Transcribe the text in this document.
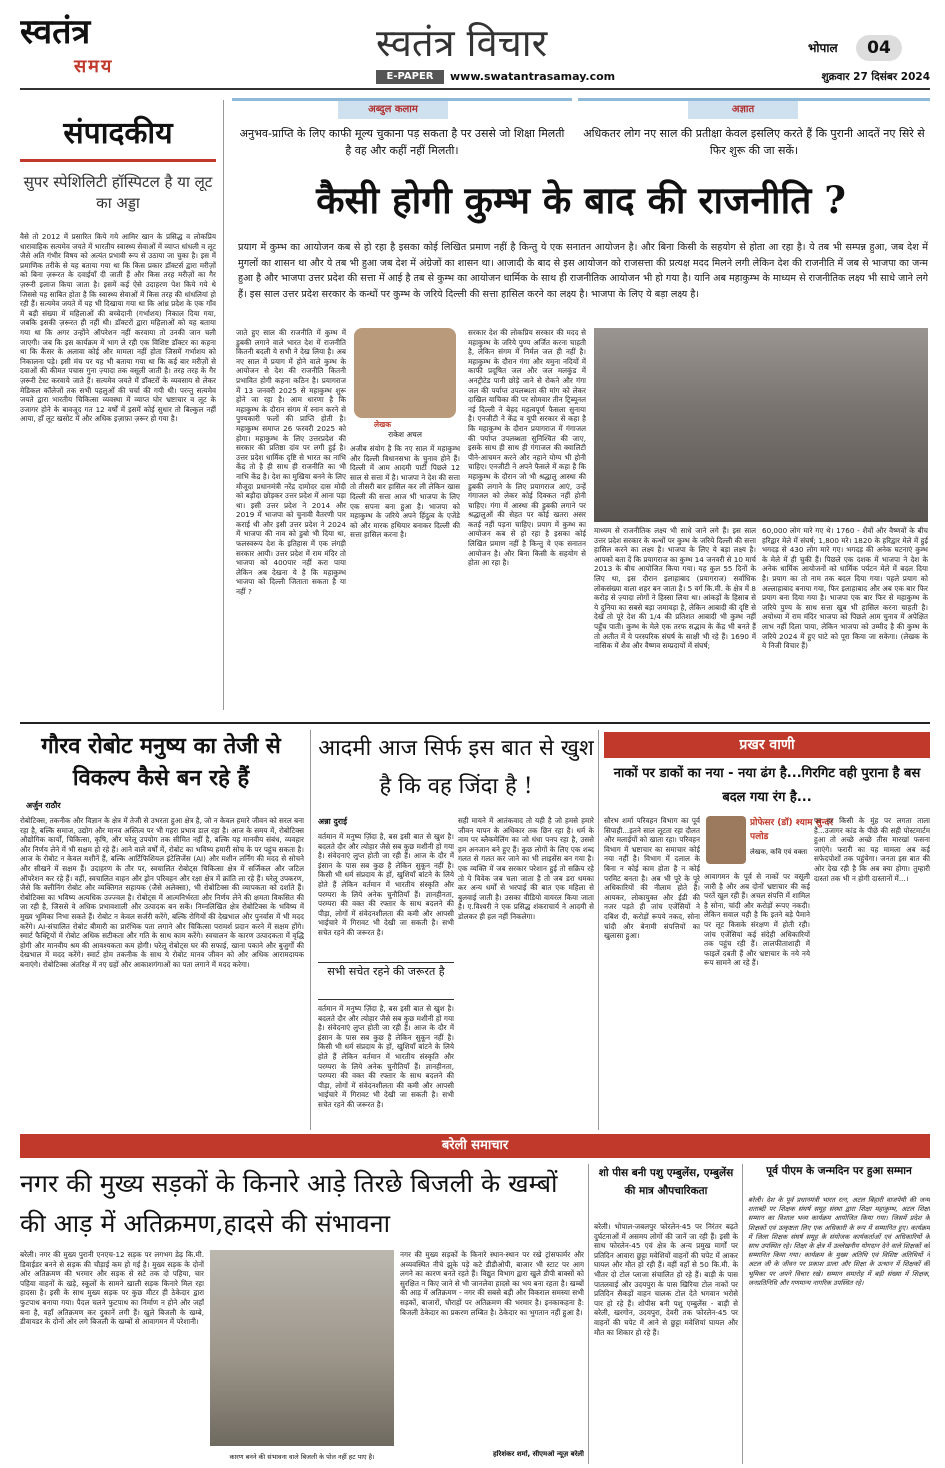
स्वतंत्र
समय
स्वतंत्र विचार
E-PAPER	www.swatantrasamay.com
भोपाल	04
शुक्रवार 27 दिसंबर 2024
संपादकीय
सुपर स्पेशिलिटी हॉस्पिटल है या लूट का अड्डा
वैसे तो 2012 में प्रसारित किये गये आमिर खान के प्रसिद्ध व लोकप्रिय धारावाहिक सत्यमेव जयते में भारतीय स्वास्थ्य सेवाओं में व्याप्त धांधली व लूट जैसे अति गंभीर विषय को अत्यंत प्रभावी रूप से उठाया जा चुका है। इस में प्रमाणिक तरीके से यह बताया गया था कि किस प्रकार डॉक्टर्स द्वारा मरीज़ों को बिना ज़रूरत के दवाईयाँ दी जाती हैं और किस तरह मरीज़ों का गैर ज़रूरी इलाज किया जाता है। इसमें कई ऐसे उदाहरण पेश किये गये थे जिससे यह साबित होता है कि स्वास्थ्य सेवाओं में किस तरह की धांधलियां हो रही हैं। सत्यमेव जयते में यह भी दिखाया गया था कि आंध्र प्रदेश के एक गाँव में बड़ी संख्या में महिलाओं की बच्चेदानी (गर्भाशय) निकाल दिया गया, जबकि इसकी ज़रूरत ही नहीं थी। डॉक्टरों द्वारा महिलाओं को यह बताया गया था कि अगर उन्होंने ऑपरेशन नहीं करवाया तो उनकी जान चली जाएगी। जब कि इस कार्यक्रम में भाग ले रही एक विशिष्ट डॉक्टर का कहना था कि कैंसर के अलावा कोई और मामला नहीं होता जिसमें गर्भाशय को निकालना पड़े। इसी मंच पर यह भी बताया गया था कि कई बार मरीज़ों से दवाओं की कीमत पचास गुना ज़्यादा तक वसूली जाती है। तरह तरह के गैर ज़रूरी टेस्ट करवाये जाते हैं। सत्यमेव जयते में डॉक्टरों के व्यवसाय से लेकर मेडिकल कॉलेजों तक सभी पहलुओं की चर्चा की गयी थी। परन्तु सत्यमेव जयते द्वारा भारतीय चिकित्सा व्यवस्था में व्याप्त घोर भ्रष्टाचार व लूट के उजागर होने के बावजूद गत 12 वर्षों में इसमें कोई सुधार तो बिल्कुल नहीं आया, हाँ लूट खसोट में और अधिक इज़ाफ़ा ज़रूर हो गया है।
अब्दुल कलाम
अनुभव-प्राप्ति के लिए काफी मूल्य चुकाना पड़ सकता है पर उससे जो शिक्षा मिलती है वह और कहीं नहीं मिलती।
अज्ञात
अधिकतर लोग नए साल की प्रतीक्षा केवल इसलिए करते हैं कि पुरानी आदतें नए सिरे से फिर शुरू की जा सकें।
कैसी होगी कुम्भ के बाद की राजनीति ?
प्रयाग में कुम्भ का आयोजन कब से हो रहा है इसका कोई लिखित प्रमाण नहीं है किन्तु ये एक सनातन आयोजन है। और बिना किसी के सहयोग से होता आ रहा है। ये तब भी सम्पन्न हुआ, जब देश में मुगलों का शासन था और ये तब भी हुआ जब देश में अंग्रेजों का शासन था। आजादी के बाद से इस आयोजन को राजसत्ता की प्रत्यक्ष मदद मिलने लगी लेकिन देश की राजनीति में जब से भाजपा का जन्म हुआ है और भाजपा उत्तर प्रदेश की सत्ता में आई है तब से कुम्भ का आयोजन धार्मिक के साथ ही राजनीतिक आयोजन भी हो गया है। यानि अब महाकुम्भ के माध्यम से राजनीतिक लक्ष्य भी साधे जाने लगे हैं। इस साल उत्तर प्रदेश सरकार के कन्धों पर कुम्भ के जरिये दिल्ली की सत्ता हासिल करने का लक्ष्य है। भाजपा के लिए ये बड़ा लक्ष्य है।
जाते हुए साल की राजनीति में कुम्भ में डुबकी लगाने वाले भारत देश में राजनीति कितनी बदली ये सभी ने देख लिया है। अब नए साल में प्रयाग में होने वाले कुम्भ के आयोजन से देश की राजनीति कितनी प्रभावित होगी कहना कठिन है। प्रयागराज में 13 जनवरी 2025 से महाकुम्भ शुरू होने जा रहा है। आम धारणा है कि महाकुम्भ के दौरान संगम में स्नान करने से पुण्यकारी फलों की प्राप्ति होती है। महाकुम्भ समाप्त 26 फरवरी 2025 को होगा। महाकुम्भ के लिए उत्तरप्रदेश की सरकार की प्रतिष्ठा दांव पर लगी हुई है। उत्तर प्रदेश धार्मिक दृष्टि से भारत का नाभि केंद्र तो है ही साथ ही राजनीति का भी नाभि केंद्र है। देश का मुखिया बनने के लिए मौजूदा प्रधानमंत्री नरेंद्र दामोदर दास मोदी को बड़ौदा छोड़कर उत्तर प्रदेश में आना पड़ा था। इसी उत्तर प्रदेश ने 2014 और 2019 में भाजपा को चुनावी वैतरणी पार कराई थी और इसी उत्तर प्रदेश ने 2024 में भाजपा की नाव को डुबो भी दिया था, फलस्वरूप देश के इतिहास में एक लंगड़ी सरकार आयी। उत्तर प्रदेश में राम मंदिर तो भाजपा को 400पार नहीं करा पाया लेकिन अब देखना ये है कि महाकुम्भ भाजपा को दिल्ली जिताता सकता है या नहीं ?
लेखक
राकेश अचल
अजीब संयोग है कि नए साल में महाकुम्भ और दिल्ली विधानसभा के चुनाव होने हैं। दिल्ली में आम आदमी पार्टी पिछले 12 साल से सत्ता में है। भाजपा ने देश की सत्ता तो तीसरी बार हासिल कर ली लेकिन खास दिल्ली की सत्ता आज भी भाजपा के लिए एक सपना बना हुआ है। भाजपा को महाकुम्भ के जरिये अपने हिंदुत्व के एजेंडे को और मारक हथियार बनाकर दिल्ली की सत्ता हासिल करना है।
सरकार देश की लोकप्रिय सरकार की मदद से महाकुम्भ के जरिये पुण्य अर्जित करना चाहती है, लेकिन संगम में निर्मल जल ही नहीं है। महाकुम्भ के दौरान गंगा और यमुना नदियों में काफी प्रदूषित जल और जल मलकुंड में अनट्रीटेड पानी छोड़े जाने से रोकने और गंगा जल की पर्याप्त उपलब्धता की मांग को लेकर दाखिल याचिका की पर सोमवार तीन ट्रिब्यूनल नई दिल्ली ने बेहद महत्वपूर्ण फैसला सुनाया है। एनजीटी ने केंद्र व यूपी सरकार से कहा है कि महाकुम्भ के दौरान प्रयागराज में गंगाजल की पर्याप्त उपलब्धता सुनिश्चित की जाए, इसके साथ ही साथ ही गंगाजल की क्वालिटी पीने-आचमन करने और नहाने योग्य भी होनी चाहिए। एनजीटी ने अपने फैसले में कहा है कि महाकुम्भ के दौरान जो भी श्रद्धालु आस्था की डुबकी लगाने के लिए प्रयागराज आएं, उन्हें गंगाजल को लेकर कोई दिक्कत नहीं होनी चाहिए। गंगा में आस्था की डुबकी लगाने पर श्रद्धालुओं की सेहत पर कोई खतरा असर कतई नहीं पड़ना चाहिए। प्रयाग में कुम्भ का आयोजन कब से हो रहा है इसका कोई लिखित प्रमाण नहीं है किन्तु ये एक सनातन आयोजन है। और बिना किसी के सहयोग से होता आ रहा है।
माध्यम से राजनीतिक लक्ष्य भी साधे जाने लगे हैं। इस साल उत्तर प्रदेश सरकार के कन्धों पर कुम्भ के जरिये दिल्ली की सत्ता हासिल करने का लक्ष्य है। भाजपा के लिए ये बड़ा लक्ष्य है। आपको बता दें कि प्रयागराज का कुम्भ 14 जनवरी से 10 मार्च 2013 के बीच आयोजित किया गया। यह कुल 55 दिनों के लिए था, इस दौरान इलाहाबाद (प्रयागराज) सर्वाधिक लोकसंख्या वाला शहर बन जाता है। 5 वर्ग कि.मी. के क्षेत्र में 8 करोड़ से ज़्यादा लोगों ने हिस्सा लिया था। आंकड़ों के हिसाब से ये दुनिया का सबसे बड़ा जमावड़ा है, लेकिन आबादी की दृष्टि से देखें तो पूरे देश की 1/4 की प्रतिशत आबादी भी कुम्भ नहीं पहुँच पाती। कुम्भ के मेले एक तरफ सद्भाव के केंद्र भी बनते हैं तो अतीत में ये परस्परिक संघर्ष के साक्षी भी रहे हैं। 1690 में नासिक में शैव और वैष्णव सम्प्रदायों में संघर्ष;
60,000 लोग मारे गए थे। 1760 - शैवों और वैष्णवों के बीच हरिद्वार मेले में संघर्ष; 1,800 मरे। 1820 के हरिद्वार मेले में हुई भगदड़ से 430 लोग मारे गए। भगदड़ की अनेक घटनाएं कुम्भ के मेले में ही चुकी हैं। पिछले एक दशक में भाजपा ने देश के अनेक धार्मिक आयोजनों को धार्मिक पर्यटन मेले में बदल दिया है। प्रयाग का तो नाम तक बदल दिया गया। पहले प्रयाग को अल्लाहाबाद बनाया गया, फिर इलाहाबाद और अब एक बार फिर प्रयाग बना दिया गया है। भाजपा एक बार फिर से महाकुम्भ के जरिये पुण्य के साथ सत्ता खुब भी हासिल करना चाहती है। अयोध्या में राम मंदिर भाजपा को पिछले आम चुनाव में अपेक्षित लाभ नहीं दिला पाया, लेकिन भाजपा को उम्मीद है की कुम्भ के जरिये 2024 में हुए घाटे को पूरा किया जा सकेगा। (लेखक के ये निजी विचार हैं)
गौरव रोबोट मनुष्य का तेजी से विकल्प कैसे बन रहे हैं
अर्जुन राठौर
रोबोटिक्स, तकनीक और विज्ञान के क्षेत्र में तेजी से उभरता हुआ क्षेत्र है, जो न केवल हमारे जीवन को सरल बना रहा है, बल्कि समाज, उद्योग और मानव अस्तित्व पर भी गहरा प्रभाव डाल रहा है। आज के समय में, रोबोटिक्स औद्योगिक कार्यों, चिकित्सा, कृषि, और घरेलू उपयोग तक सीमित नहीं है, बल्कि यह मानवीय संबंध, व्यवहार और निर्णय लेने में भी सक्षम हो रहे हैं। आने वाले वर्षों में, रोबोट का भविष्य हमारी सोच के पर पहुंच सकता है। आज के रोबोट न केवल मशीनें हैं, बल्कि आर्टिफिशियल इंटेलिजेंस (AI) और मशीन लर्निंग की मदद से सोचने और सीखने में सक्षम हैं। उदाहरण के तौर पर, स्वचालित रोबोट्स चिकित्सा क्षेत्र में सर्जिकल और जटिल ऑपरेशन कर रहे हैं। वहीं, स्वचालित वाहन और ड्रोन परिवहन और रक्षा क्षेत्र में क्रांति ला रहे हैं। घरेलू उपकरण, जैसे कि क्लीनिंग रोबोट और व्यक्तिगत सहायक (जैसे अलेक्सा), भी रोबोटिक्स की व्यापकता को दर्शाते हैं। रोबोटिक्स का भविष्य अत्यधिक उज्ज्वल है। रोबोट्स में आत्मनिर्भरता और निर्णय लेने की क्षमता विकसित की जा रही है, जिससे वे अधिक प्रभावशाली और उत्पादक बन सकें। निम्नलिखित क्षेत्र रोबोटिक्स के भविष्य में मुख्य भूमिका निभा सकते हैं। रोबोट न केवल सर्जरी करेंगे, बल्कि रोगियों की देखभाल और पुनर्वास में भी मदद करेंगे। AI-संचालित रोबोट बीमारी का प्रारंभिक पता लगाने और चिकित्सा परामर्श प्रदान करने में सक्षम होंगे। स्मार्ट फैक्ट्रियों में रोबोट अधिक सटीकता और गति के साथ काम करेंगे। स्वचालन के कारण उत्पादकता में वृद्धि होगी और मानवीय श्रम की आवश्यकता कम होगी। घरेलू रोबोट्स घर की सफाई, खाना पकाने और बुजुर्गों की देखभाल में मदद करेंगे। स्मार्ट होम तकनीक के साथ ये रोबोट मानव जीवन को और अधिक आरामदायक बनाएंगे। रोबोटिक्स अंतरिक्ष में नए ग्रहों और आकाशगंगाओं का पता लगाने में मदद करेगा।
आदमी आज सिर्फ इस बात से खुश है कि वह जिंदा है !
अन्ना दुराई
वर्तमान में मनुष्य ज़िंदा है, बस इसी बात से खुश है। बदलते दौर और त्योहार जैसे सब कुछ मशीनी हो गया है। संवेदनाएं लुप्त होती जा रही हैं। आज के दौर में इंसान के पास सब कुछ है लेकिन सुकून नहीं है। किसी भी धर्म संप्रदाय के हों, खुशियाँ बांटने के लिये होते हैं लेकिन वर्तमान में भारतीय संस्कृति और परम्परा के लिये अनेक चुनौतियाँ हैं। ज्ञानहीनता, परम्परा की वक्त की रफ्तार के साथ बदलने की पीड़ा, लोगों में संवेदनशीलता की कमी और आपसी भाईचारे में गिरावट भी देखी जा सकती है। सभी सचेत रहने की जरूरत है।
सभी सचेत रहने की जरूरत है
वर्तमान में मनुष्य ज़िंदा है, बस इसी बात से खुश है। बदलते दौर और त्योहार जैसे सब कुछ मशीनी हो गया है। संवेदनाएं लुप्त होती जा रही हैं। आज के दौर में इंसान के पास सब कुछ है लेकिन सुकून नहीं है। किसी भी धर्म संप्रदाय के हों, खुशियाँ बांटने के लिये होते हैं लेकिन वर्तमान में भारतीय संस्कृति और परम्परा के लिये अनेक चुनौतियाँ हैं। ज्ञानहीनता, परम्परा की वक्त की रफ्तार के साथ बदलने की पीड़ा, लोगों में संवेदनशीलता की कमी और आपसी भाईचारे में गिरावट भी देखी जा सकती है। सभी सचेत रहने की जरूरत है।
सही मायने में आतंकवाद तो यही है जो हमसे हमारे जीवन यापन के अधिकार तक छिन रहा है। धर्म के नाम पर ब्लैकमेलिंग का जो धंधा पनप रहा है, उससे हम अनजान बने हुए हैं। कुछ लोगों के लिए एक शब्द गलत से गलत कर जाने का भी लाइसेंस बन गया है। एक व्यक्ति में जब सरकार परेशान हुई तो सक्रिय रहे तो ये विवेक जब चला जाता है तो जब डरा धमका कर अन्य धर्मों से भरपाई की बात एक महिला से बुलवाई जाती है। उसका वीडियो वायरल किया जाता है। ए.विश्वरी ने एक प्रसिद्ध शंकराचार्य ने आदमी से डोलकर ही हल नहीं निकलेगा।
प्रखर वाणी
नाकों पर डाकों का नया - नया ढंग है...गिरगिट वही पुराना है बस बदल गया रंग है...
सौरभ शर्मा परिवहन विभाग का पूर्व सिपाही...इतने साल लूटता रहा दौलत और मलाईयों को खाता रहा। परिवहन विभाग में भ्रष्टाचार का समाचार कोई नया नहीं है। विभाग में दलाल के बिना न कोई काम होता है न कोई परमिट बनता है। अब भी पूरे के पूरे अधिकारियों की नीलाम होते हैं। आयकर, लोकायुक्त और ईडी की नजर पड़ते ही जांच एजेंसियों ने दबिश दी, करोड़ों रूपये नकद, सोना चांदी और बेनामी संपत्तियों का खुलासा हुआ।
प्रोफेसर (डॉ) श्याम सुन्दर पलोड
लेखक, कवि एवं वक्ता
आवागमन के पूर्व से नाकों पर वसूली जारी है और अब दोनों भ्रष्टाचार की कई परतें खुल रही हैं। अचल संपत्ति में शामिल है सोना, चांदी और करोड़ों रूपए नकदी। लेकिन सवाल यही है कि इतने बड़े पैमाने पर लूट किसके संरक्षण में होती रही। जांच एजेंसियां कई संदेही अधिकारियों तक पहुंच रही हैं। लालफीताशाही में फाइलें दबती हैं और भ्रष्टाचार के नये नये रूप सामने आ रहे हैं।
पर हर किसी के मुंह पर लगता ताला है...उजागर कांड के पीछे की सही पोस्टमार्टम हुआ तो अच्छे अच्छे तीस मारखां फसना जाएंगे। फरारी का यह मामला अब कई सफेदपोशों तक पहुंचेगा। जनता इस बात की ओर देख रही है कि अब क्या होगा। तुम्हारी दास्तां तक भी न होगी दास्तानों में...।
बरेली समाचार
नगर की मुख्य सड़कों के किनारे आड़े तिरछे बिजली के खम्बों की आड़ में अतिक्रमण,हादसे की संभावना
बरेली। नगर की मुख्य पुरानी एनएच-12 सड़क पर लगभग डेढ़ कि.मी. डिवाईडर बनने से सड़क की चौड़ाई कम हो गई है। मुख्य सड़क के दोनों ओर अतिक्रमण की भरमार और सड़क से सटे तक दो पहिया, चार पहिया वाहनों के खड़े, स्कूलों के सामने खाली सड़क किनारे मिल रहा हादसा है। इसी के साथ मुख्य सड़क पर कुछ मीटर ही ठेकेदार द्वारा फुटपाथ बनाया गया। पैदल चलने फुटपाथ का निर्माण न होने और जहाँ बना है, वहाँ अतिक्रमण कर दुकानें लगी हैं। खुले बिजली के खम्बे, डीवायडर के दोनों ओर लगे बिजली के खम्बों से आवागमन में परेशानी।
कारण बनने की संभावना वाले बिजली के पोल नहीं हट पाए है।
नगर की मुख्य सड़कों के किनारे स्थान-स्थान पर रखे ट्रांसफार्मर और अव्यवस्थित नीचे झुके पड़े कटे डीडीओपी, बाजार भी स्टाट पर आग लगने का कारण बनते रहते हैं। विद्युत विभाग द्वारा खुले डीपी बाक्सों को सुरक्षित न किए जाने से भी जानलेवा हादसे का भय बना रहता है। खम्बों की आड़ में अतिक्रमण - नगर की सबसे बड़ी और विकराल समस्या सभी सड़कों, बाजारों, चौराहों पर अतिक्रमण की भरमार है। इनकाकहना है: बिजली ठेकेदार का प्रकरण लम्बित है। ठेकेदार का भुगतान नहीं हुआ है।
हरिशंकर शर्मा, सीएमओ न्यूज़ बरेली
शो पीस बनी पशु एम्बुलेंस, एम्बुलेंस की मात्र औपचारिकता
बरेली। भोपाल-जबलपुर फोरलेन-45 पर निरंतर बढ़ते दुर्घटनाओं में असमय लोगों की जानें जा रही हैं। इसी के साथ फोरलेन-45 एवं क्षेत्र के अन्य प्रमुख मार्गों पर प्रतिदिन आवारा छुट्टा मवेशियों वाहनों की चपेट में आकर घायल और मौत हो रही हैं। वहीं वहाँ से 50 कि.मी. के भीतर दो टोल प्लाजा संचालित हो रहे हैं। बाड़ी के पास पातलवाई और उदयपुरा के पास खिरिया टोल नाकों पर प्रतिदिन सैकड़ों वाहन चालक टोल देते भगवान भरोसे पार हो रहे हैं। शोपीस बनी पशु एम्बुलेंस - बाड़ी से बरेली, खरगोन, उदयपुरा, देवरी तक फोरलेन-45 पर वाहनों की चपेट में आने से छुट्टा मवेशियां घायल और मौत का शिकार हो रहे हैं।
पूर्व पीएम के जन्मदिन पर हुआ सम्मान
बरेली। देश के पूर्व प्रधानमंत्री भारत रत्न, अटल बिहारी वाजपेयी की जन्म शताब्दी पर शिक्षक संघर्ष समूह संस्था द्वारा शिक्षा महाकुम्भ, अटल शिक्षा सम्मान का विशाल भव्य कार्यक्रम आयोजित किया गया। जिसमें प्रदेश के शिक्षकों एवं उत्कृष्टता लिए एक अधिकारी के रूप में सम्मानित हुए। कार्यक्रम में जिला शिक्षक संघर्ष समूह के संयोजक कार्यकर्ताओं एवं अधिकारियों के साथ उपस्थित रहे। शिक्षा के क्षेत्र में उल्लेखनीय योगदान देने वाले शिक्षकों को सम्मानित किया गया। कार्यक्रम के मुख्य अतिथि एवं विशिष्ट अतिथियों ने अटल जी के जीवन पर प्रकाश डाला और शिक्षा के उत्थान में शिक्षकों की भूमिका पर अपने विचार रखे। सम्मान समारोह में बड़ी संख्या में शिक्षक, जनप्रतिनिधि और गणमान्य नागरिक उपस्थित रहे।
